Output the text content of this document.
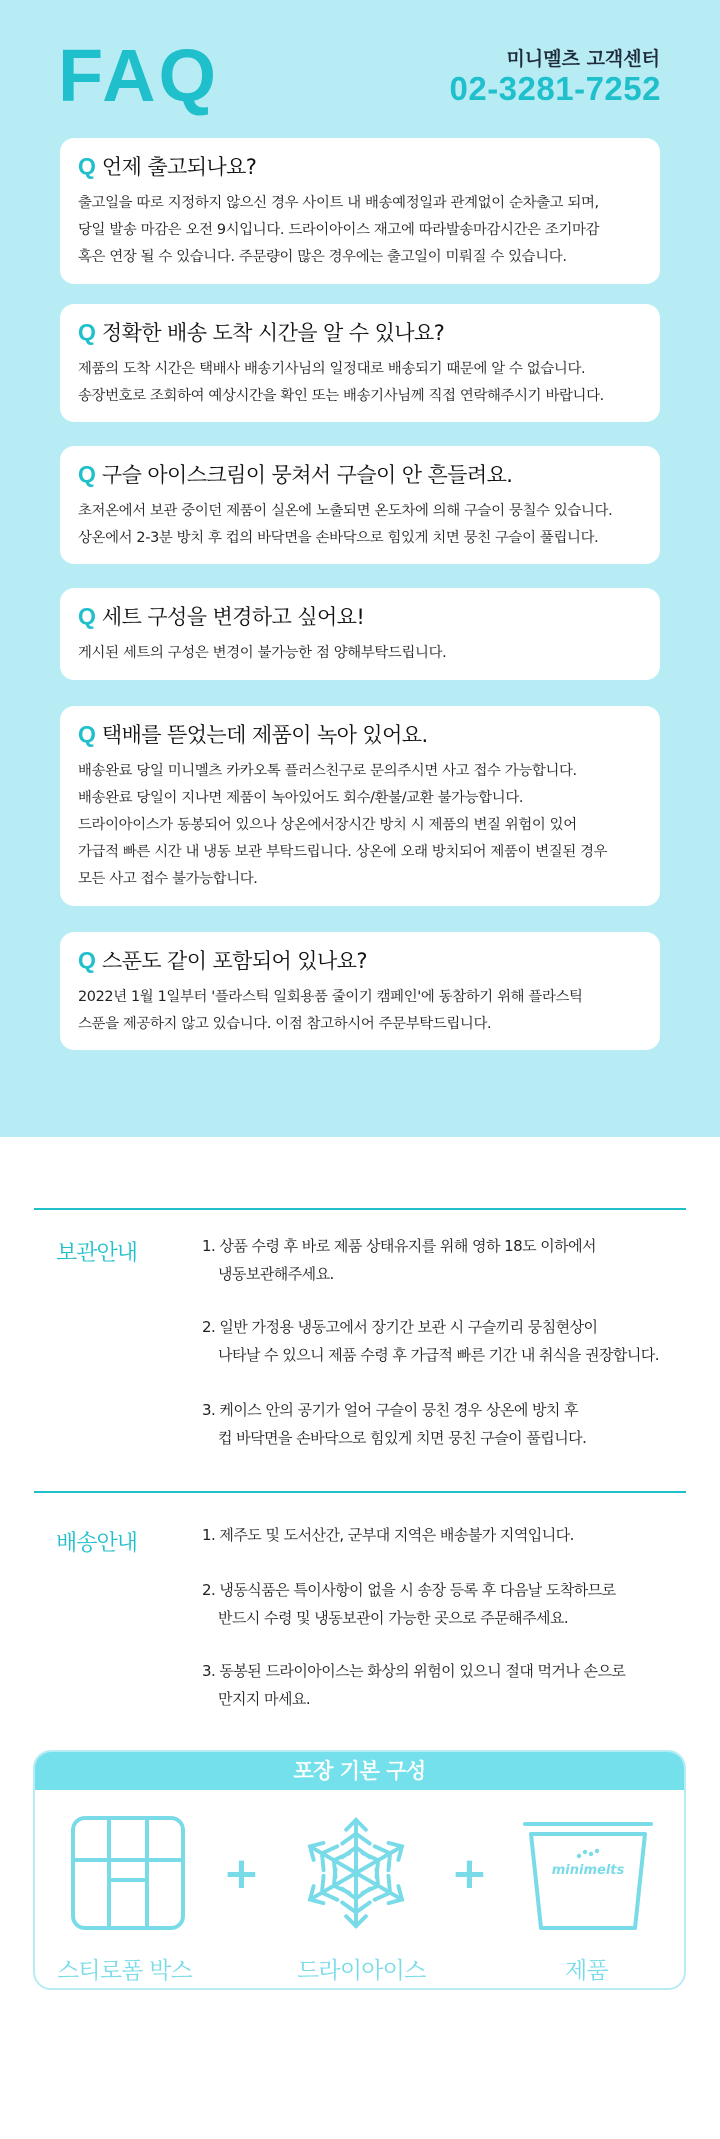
FAQ	미니멜츠 고객센터
02-3281-7252
Q 언제 출고되나요?
출고일을 따로 지정하지 않으신 경우 사이트 내 배송예정일과 관계없이 순차출고 되며,
당일 발송 마감은 오전 9시입니다. 드라이아이스 재고에 따라발송마감시간은 조기마감
혹은 연장 될 수 있습니다. 주문량이 많은 경우에는 출고일이 미뤄질 수 있습니다.
Q 정확한 배송 도착 시간을 알 수 있나요?
제품의 도착 시간은 택배사 배송기사님의 일정대로 배송되기 때문에 알 수 없습니다.
송장번호로 조회하여 예상시간을 확인 또는 배송기사님께 직접 연락해주시기 바랍니다.
Q 구슬 아이스크림이 뭉쳐서 구슬이 안 흔들려요.
초저온에서 보관 중이던 제품이 실온에 노출되면 온도차에 의해 구슬이 뭉칠수 있습니다.
상온에서 2-3분 방치 후 컵의 바닥면을 손바닥으로 힘있게 치면 뭉친 구슬이 풀립니다.
Q 세트 구성을 변경하고 싶어요!
게시된 세트의 구성은 변경이 불가능한 점 양해부탁드립니다.
Q 택배를 뜯었는데 제품이 녹아 있어요.
배송완료 당일 미니멜츠 카카오톡 플러스친구로 문의주시면 사고 접수 가능합니다.
배송완료 당일이 지나면 제품이 녹아있어도 회수/환불/교환 불가능합니다.
드라이아이스가 동봉되어 있으나 상온에서장시간 방치 시 제품의 변질 위험이 있어
가급적 빠른 시간 내 냉동 보관 부탁드립니다. 상온에 오래 방치되어 제품이 변질된 경우
모든 사고 접수 불가능합니다.
Q 스푼도 같이 포함되어 있나요?
2022년 1월 1일부터 '플라스틱 일회용품 줄이기 캠페인'에 동참하기 위해 플라스틱
스푼을 제공하지 않고 있습니다. 이점 참고하시어 주문부탁드립니다.
보관안내	1. 상품 수령 후 바로 제품 상태유지를 위해 영하 18도 이하에서
냉동보관해주세요.
2. 일반 가정용 냉동고에서 장기간 보관 시 구슬끼리 뭉침현상이
나타날 수 있으니 제품 수령 후 가급적 빠른 기간 내 취식을 권장합니다.
3. 케이스 안의 공기가 얼어 구슬이 뭉친 경우 상온에 방치 후
컵 바닥면을 손바닥으로 힘있게 치면 뭉친 구슬이 풀립니다.
배송안내	1. 제주도 및 도서산간, 군부대 지역은 배송불가 지역입니다.
2. 냉동식품은 특이사항이 없을 시 송장 등록 후 다음날 도착하므로
반드시 수령 및 냉동보관이 가능한 곳으로 주문해주세요.
3. 동봉된 드라이아이스는 화상의 위험이 있으니 절대 먹거나 손으로
만지지 마세요.
포장 기본 구성
+	+	minimelts
스티로폼 박스	드라이아이스	제품
